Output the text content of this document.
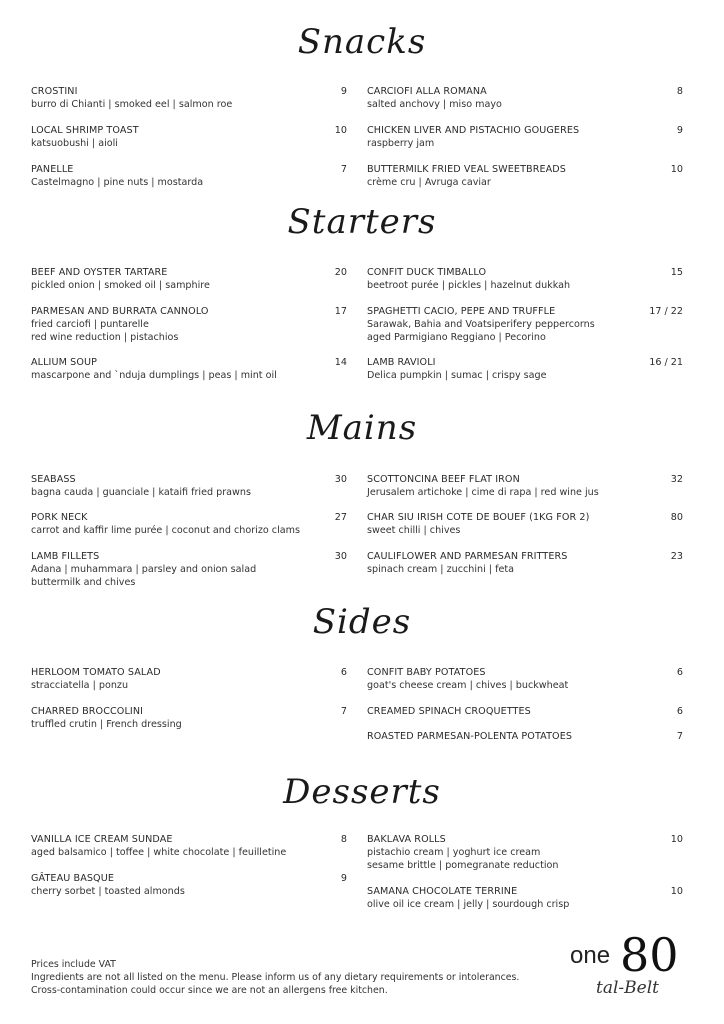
Snacks
CROSTINI	9
burro di Chianti | smoked eel | salmon roe
LOCAL SHRIMP TOAST	10
katsuobushi | aioli
PANELLE	7
Castelmagno | pine nuts | mostarda
CARCIOFI ALLA ROMANA	8
salted anchovy | miso mayo
CHICKEN LIVER AND PISTACHIO GOUGERES	9
raspberry jam
BUTTERMILK FRIED VEAL SWEETBREADS	10
crème cru | Avruga caviar
Starters
BEEF AND OYSTER TARTARE	20
pickled onion | smoked oil | samphire
PARMESAN AND BURRATA CANNOLO	17
fried carciofi | puntarelle
red wine reduction | pistachios
ALLIUM SOUP	14
mascarpone and `nduja dumplings | peas | mint oil
CONFIT DUCK TIMBALLO	15
beetroot purée | pickles | hazelnut dukkah
SPAGHETTI CACIO, PEPE AND TRUFFLE	17 / 22
Sarawak, Bahia and Voatsiperifery peppercorns
aged Parmigiano Reggiano | Pecorino
LAMB RAVIOLI	16 / 21
Delica pumpkin | sumac | crispy sage
Mains
SEABASS	30
bagna cauda | guanciale | kataifi fried prawns
PORK NECK	27
carrot and kaffir lime purée | coconut and chorizo clams
LAMB FILLETS	30
Adana | muhammara | parsley and onion salad
buttermilk and chives
SCOTTONCINA BEEF FLAT IRON	32
Jerusalem artichoke | cime di rapa | red wine jus
CHAR SIU IRISH COTE DE BOUEF (1KG FOR 2)	80
sweet chilli | chives
CAULIFLOWER AND PARMESAN FRITTERS	23
spinach cream | zucchini | feta
Sides
HERLOOM TOMATO SALAD	6
stracciatella | ponzu
CHARRED BROCCOLINI	7
truffled crutin | French dressing
CONFIT BABY POTATOES	6
goat's cheese cream | chives | buckwheat
CREAMED SPINACH CROQUETTES	6
ROASTED PARMESAN-POLENTA POTATOES	7
Desserts
VANILLA ICE CREAM SUNDAE	8
aged balsamico | toffee | white chocolate | feuilletine
GÂTEAU BASQUE	9
cherry sorbet | toasted almonds
BAKLAVA ROLLS	10
pistachio cream | yoghurt ice cream
sesame brittle | pomegranate reduction
SAMANA CHOCOLATE TERRINE	10
olive oil ice cream | jelly | sourdough crisp
Prices include VAT
Ingredients are not all listed on the menu. Please inform us of any dietary requirements or intolerances.
Cross-contamination could occur since we are not an allergens free kitchen.
one 80
tal-Belt
